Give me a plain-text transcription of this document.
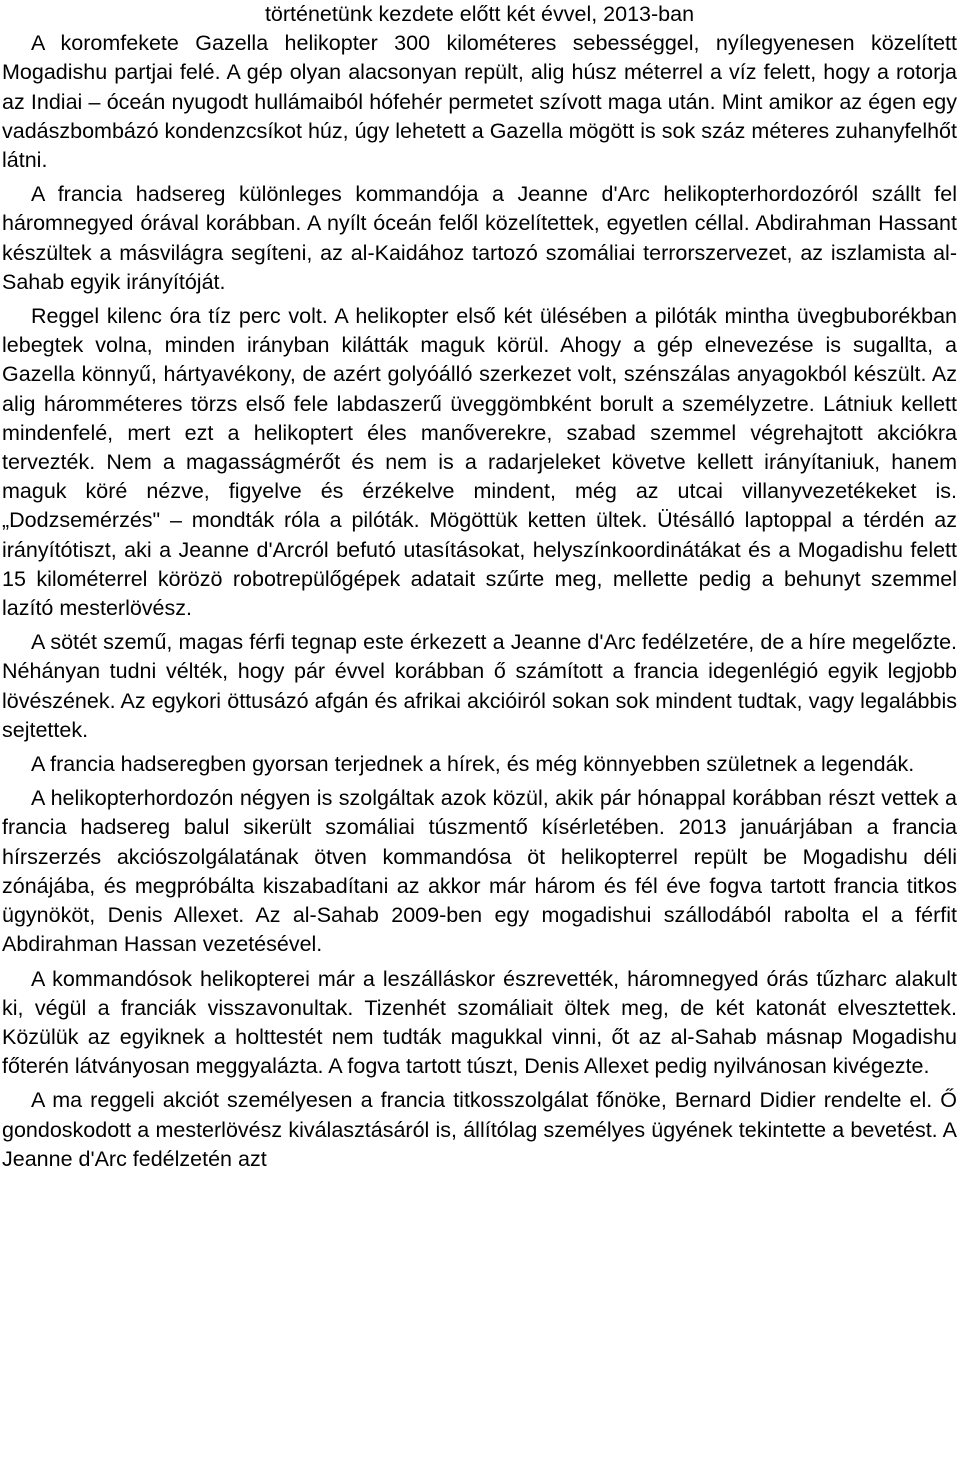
történetünk kezdete előtt két évvel, 2013-ban

A koromfekete Gazella helikopter 300 kilométeres sebességgel, nyílegyenesen közelített Mogadishu partjai felé. A gép olyan alacsonyan repült, alig húsz méterrel a víz felett, hogy a rotorja az Indiai – óceán nyugodt hullámaiból hófehér permetet szívott maga után. Mint amikor az égen egy vadászbombázó kondenzcsíkot húz, úgy lehetett a Gazella mögött is sok száz méteres zuhanyfelhőt látni.

A francia hadsereg különleges kommandója a Jeanne d'Arc helikopterhordozóról szállt fel háromnegyed órával korábban. A nyílt óceán felől közelítettek, egyetlen céllal. Abdirahman Hassant készültek a másvilágra segíteni, az al-Kaidához tartozó szomáliai terrorszervezet, az iszlamista al-Sahab egyik irányítóját.

Reggel kilenc óra tíz perc volt. A helikopter első két ülésében a pilóták mintha üvegbuborékban lebegtek volna, minden irányban kilátták maguk körül. Ahogy a gép elnevezése is sugallta, a Gazella könnyű, hártyavékony, de azért golyóálló szerkezet volt, szénszálas anyagokból készült. Az alig háromméteres törzs első fele labdaszerű üveggömbként borult a személyzetre. Látniuk kellett mindenfelé, mert ezt a helikoptert éles manőverekre, szabad szemmel végrehajtott akciókra tervezték. Nem a magasságmérőt és nem is a radarjeleket követve kellett irányítaniuk, hanem maguk köré nézve, figyelve és érzékelve mindent, még az utcai villanyvezetékeket is. „Dodzsemérzés" – mondták róla a pilóták. Mögöttük ketten ültek. Ütésálló laptoppal a térdén az irányítótiszt, aki a Jeanne d'Arcról befutó utasításokat, helyszínkoordinátákat és a Mogadishu felett 15 kilométerrel körözö robotrepülőgépek adatait szűrte meg, mellette pedig a behunyt szemmel lazító mesterlövész.

A sötét szemű, magas férfi tegnap este érkezett a Jeanne d'Arc fedélzetére, de a híre megelőzte. Néhányan tudni vélték, hogy pár évvel korábban ő számított a francia idegenlégió egyik legjobb lövészének. Az egykori öttusázó afgán és afrikai akcióiról sokan sok mindent tudtak, vagy legalábbis sejtettek.

A francia hadseregben gyorsan terjednek a hírek, és még könnyebben születnek a legendák.

A helikopterhordozón négyen is szolgáltak azok közül, akik pár hónappal korábban részt vettek a francia hadsereg balul sikerült szomáliai túszmentő kísérletében. 2013 januárjában a francia hírszerzés akciószolgálatának ötven kommandósa öt helikopterrel repült be Mogadishu déli zónájába, és megpróbálta kiszabadítani az akkor már három és fél éve fogva tartott francia titkos ügynököt, Denis Allexet. Az al-Sahab 2009-ben egy mogadishui szállodából rabolta el a férfit Abdirahman Hassan vezetésével.

A kommandósok helikopterei már a leszálláskor észrevették, háromnegyed órás tűzharc alakult ki, végül a franciák visszavonultak. Tizenhét szomáliait öltek meg, de két katonát elvesztettek. Közülük az egyiknek a holttestét nem tudták magukkal vinni, őt az al-Sahab másnap Mogadishu főterén látványosan meggyalázta. A fogva tartott túszt, Denis Allexet pedig nyilvánosan kivégezte.

A ma reggeli akciót személyesen a francia titkosszolgálat főnöke, Bernard Didier rendelte el. Ő gondoskodott a mesterlövész kiválasztásáról is, állítólag személyes ügyének tekintette a bevetést. A Jeanne d'Arc fedélzetén azt
